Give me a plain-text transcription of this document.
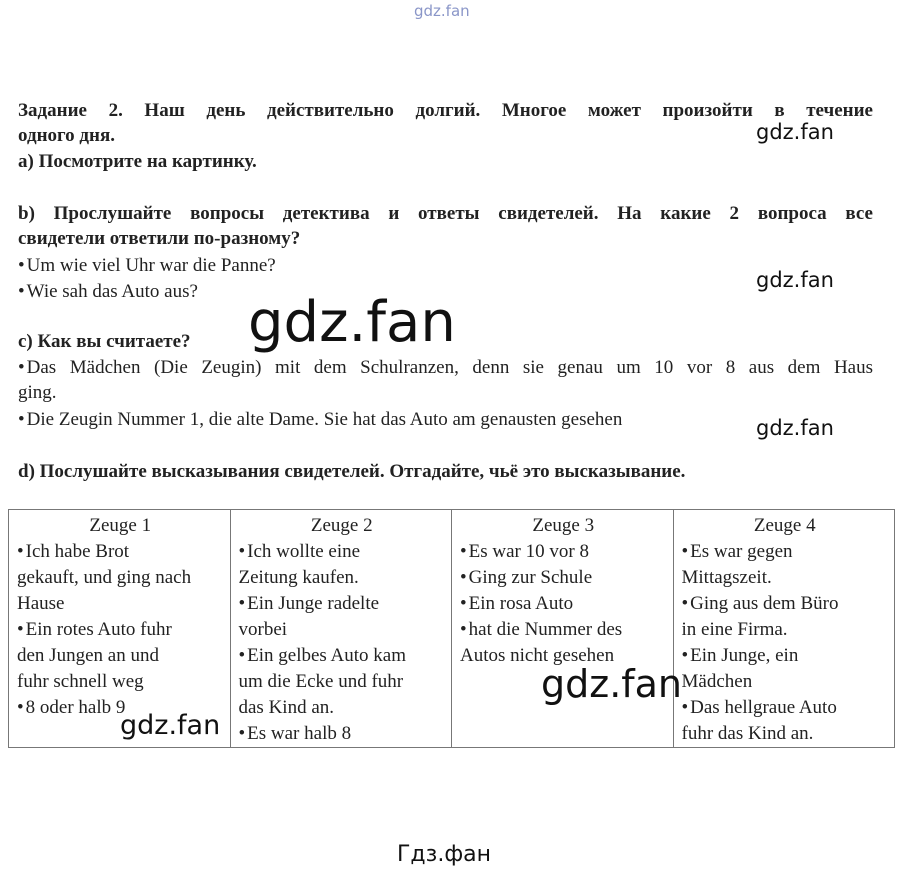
gdz.fan
Задание 2. Наш день действительно долгий. Многое может произойти в течение
одного дня.
а) Посмотрите на картинку.
b) Прослушайте вопросы детектива и ответы свидетелей. На какие 2 вопроса все
свидетели ответили по-разному?
• Um wie viel Uhr war die Panne?
• Wie sah das Auto aus?
с) Как вы считаете?
• Das Mädchen (Die Zeugin) mit dem Schulranzen, denn sie genau um 10 vor 8 aus dem Haus
ging.
• Die Zeugin Nummer 1, die alte Dame. Sie hat das Auto am genausten gesehen
d) Послушайте высказывания свидетелей. Отгадайте, чьё это высказывание.
Zeuge 1
• Ich habe Brot
gekauft, und ging nach
Hause
• Ein rotes Auto fuhr
den Jungen an und
fuhr schnell weg
• 8 oder halb 9

Zeuge 2
• Ich wollte eine
Zeitung kaufen.
• Ein Junge radelte
vorbei
• Ein gelbes Auto kam
um die Ecke und fuhr
das Kind an.
• Es war halb 8

Zeuge 3
• Es war 10 vor 8
• Ging zur Schule
• Ein rosa Auto
• hat die Nummer des
Autos nicht gesehen

Zeuge 4
• Es war gegen
Mittagszeit.
• Ging aus dem Büro
in eine Firma.
• Ein Junge, ein
Mädchen
• Das hellgraue Auto
fuhr das Kind an.
gdz.fan
gdz.fan
gdz.fan
gdz.fan
gdz.fan
gdz.fan
Гдз.фан
